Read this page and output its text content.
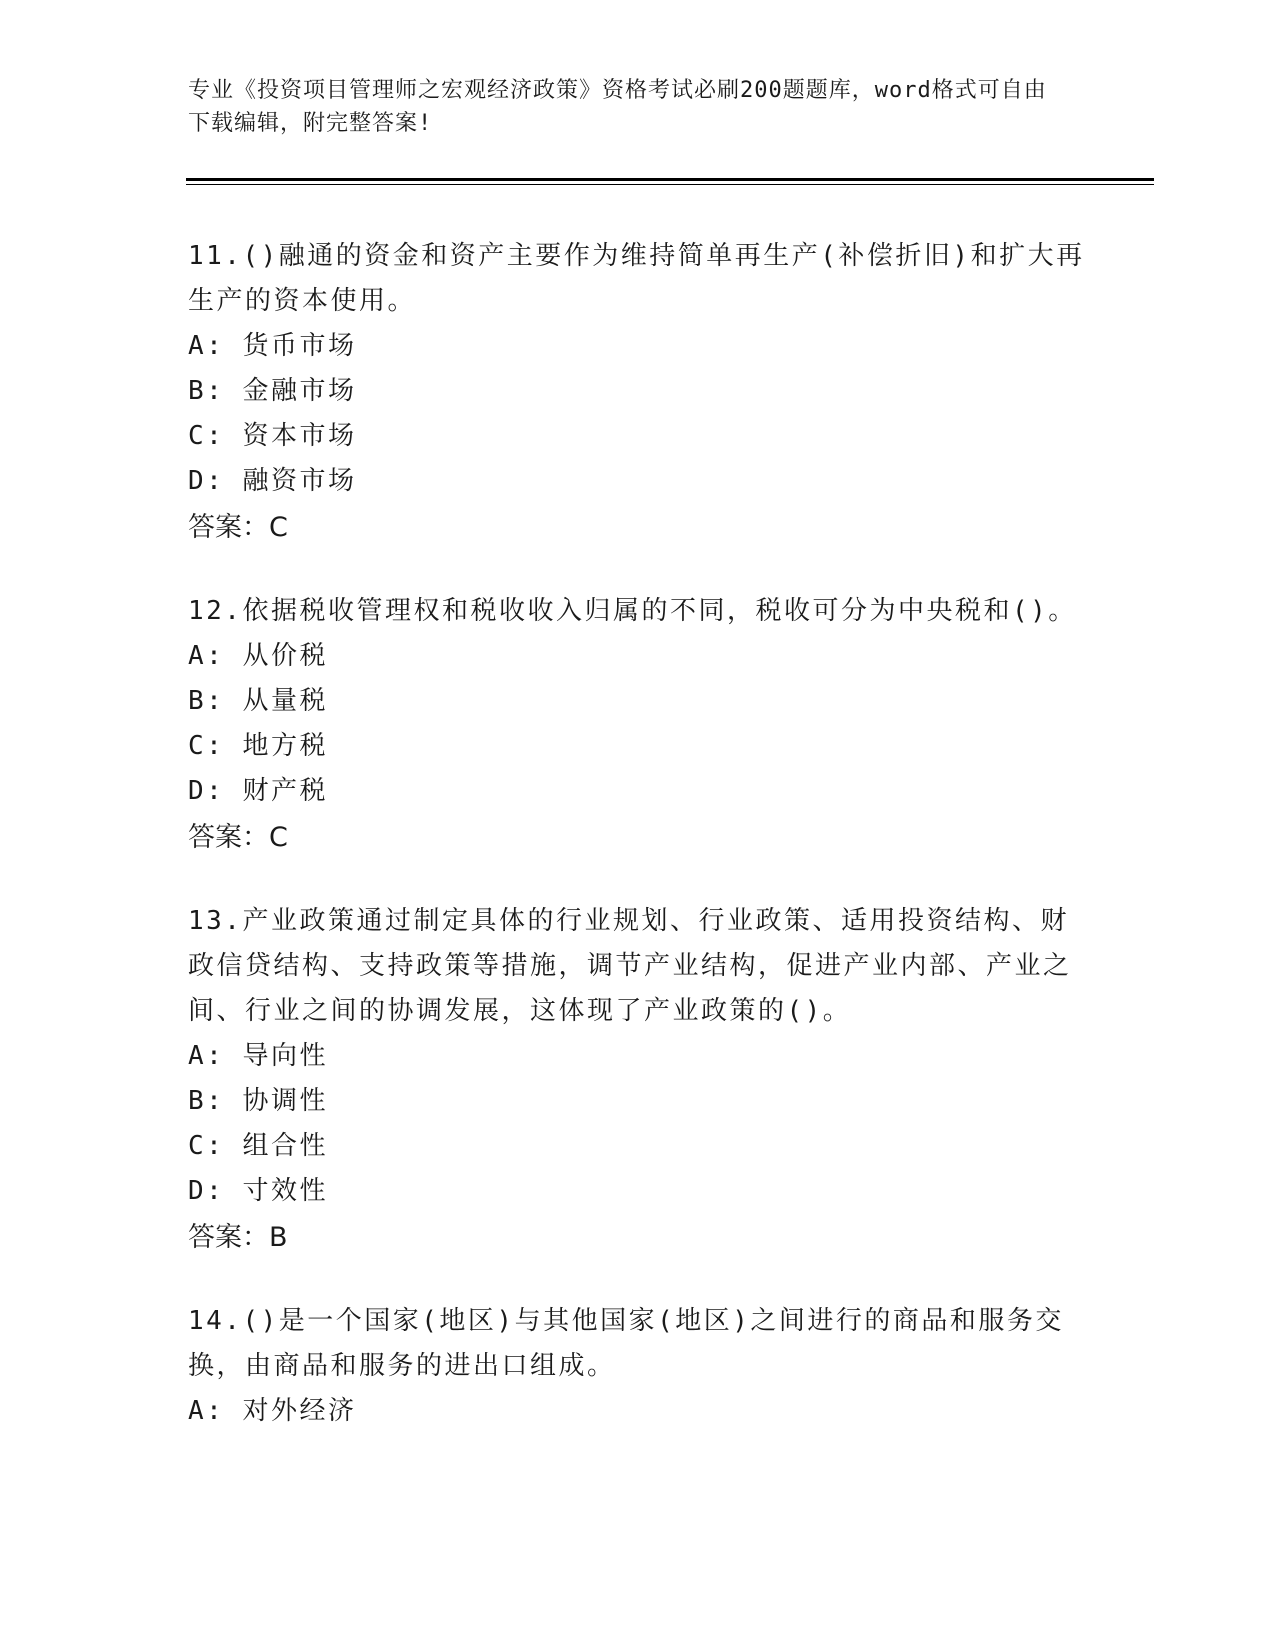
专业《投资项目管理师之宏观经济政策》资格考试必刷200题题库，word格式可自由下载编辑，附完整答案!
11.()融通的资金和资产主要作为维持简单再生产(补偿折旧)和扩大再生产的资本使用。
A: 货币市场
B: 金融市场
C: 资本市场
D: 融资市场
答案：C
12.依据税收管理权和税收收入归属的不同，税收可分为中央税和()。
A: 从价税
B: 从量税
C: 地方税
D: 财产税
答案：C
13.产业政策通过制定具体的行业规划、行业政策、适用投资结构、财政信贷结构、支持政策等措施，调节产业结构，促进产业内部、产业之间、行业之间的协调发展，这体现了产业政策的()。
A: 导向性
B: 协调性
C: 组合性
D: 寸效性
答案：B
14.()是一个国家(地区)与其他国家(地区)之间进行的商品和服务交换，由商品和服务的进出口组成。
A: 对外经济
